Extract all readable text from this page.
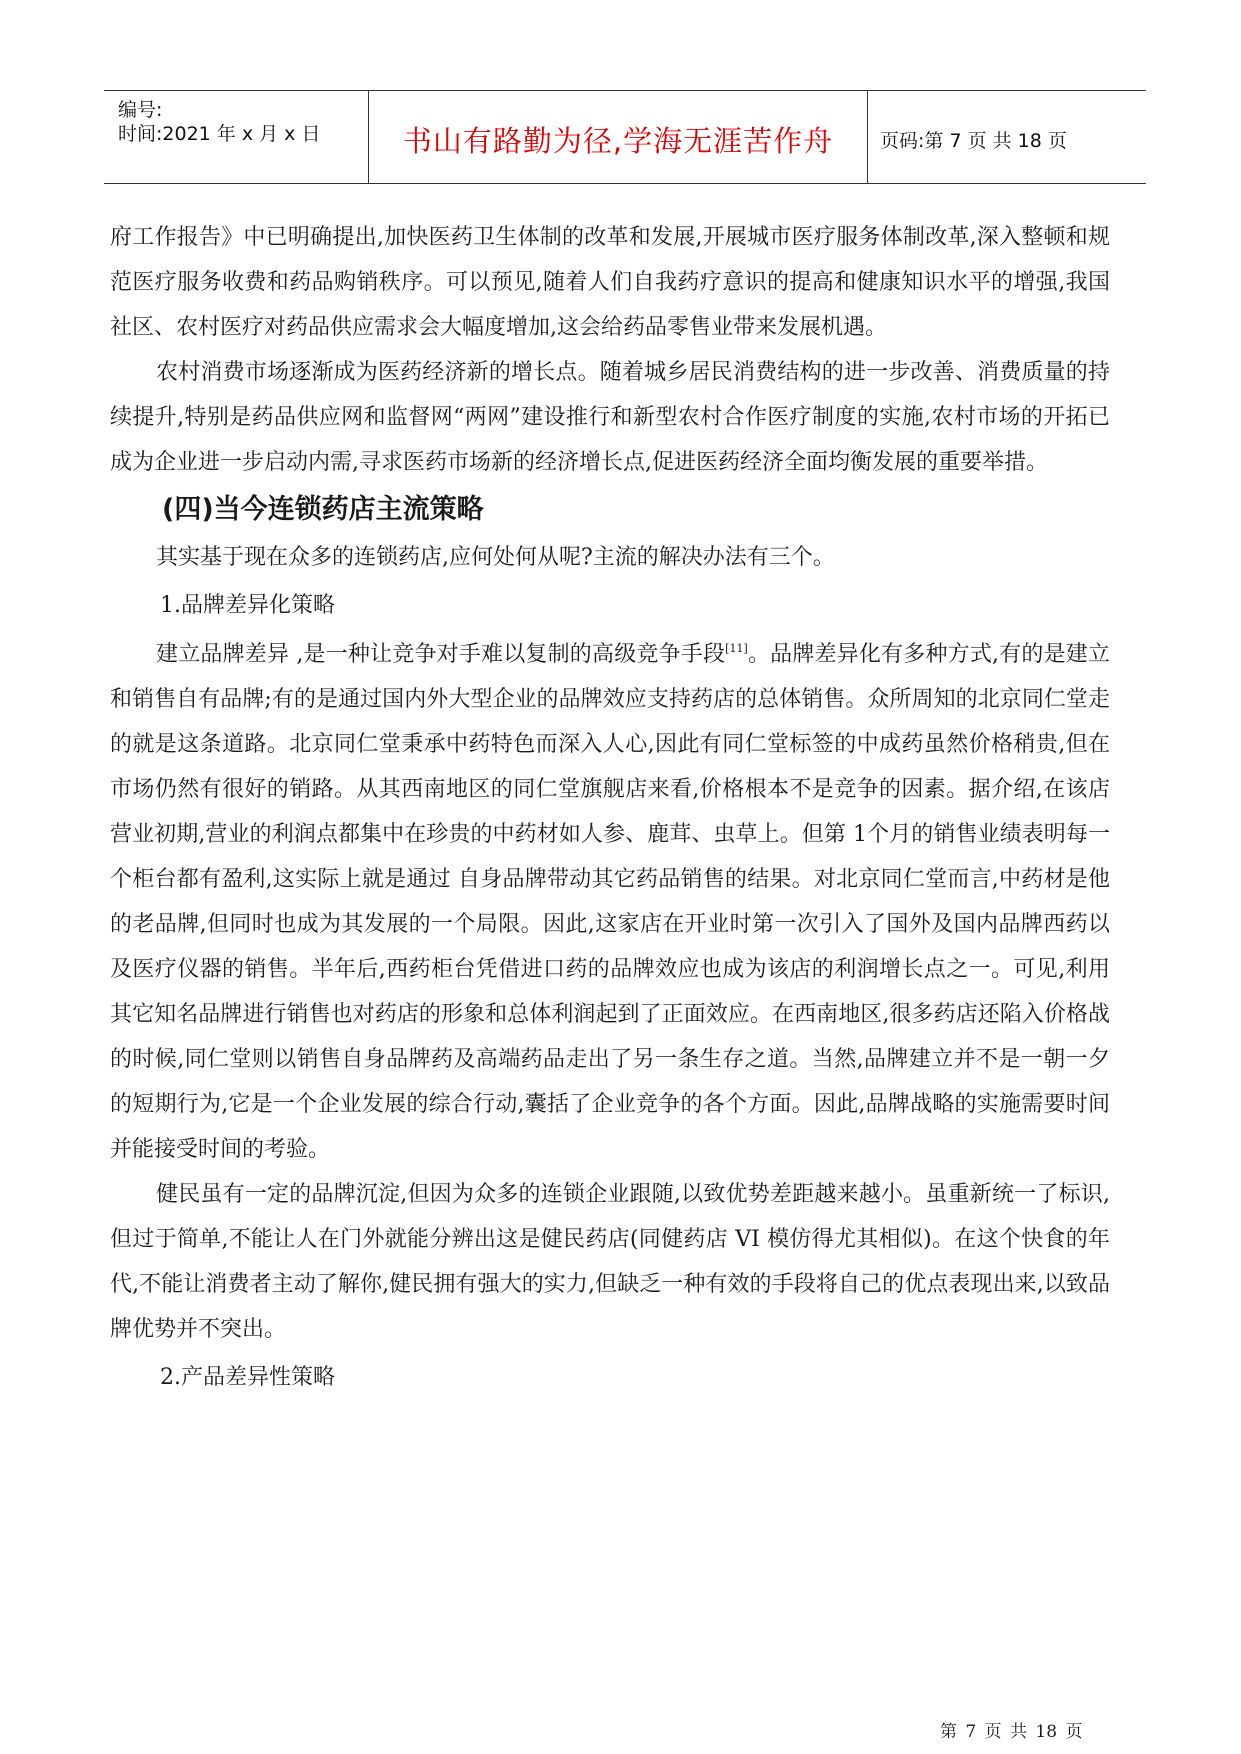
编号:
时间:2021 年 x 月 x 日	书山有路勤为径,学海无涯苦作舟	页码:第 7 页 共 18 页

府工作报告》中已明确提出,加快医药卫生体制的改革和发展,开展城市医疗服务体制改革,深入整顿和规范医疗服务收费和药品购销秩序。可以预见,随着人们自我药疗意识的提高和健康知识水平的增强,我国社区、农村医疗对药品供应需求会大幅度增加,这会给药品零售业带来发展机遇。

农村消费市场逐渐成为医药经济新的增长点。随着城乡居民消费结构的进一步改善、消费质量的持续提升,特别是药品供应网和监督网“两网”建设推行和新型农村合作医疗制度的实施,农村市场的开拓已成为企业进一步启动内需,寻求医药市场新的经济增长点,促进医药经济全面均衡发展的重要举措。

(四)当今连锁药店主流策略

其实基于现在众多的连锁药店,应何处何从呢?主流的解决办法有三个。

1.品牌差异化策略

建立品牌差异 ,是一种让竞争对手难以复制的高级竞争手段[11]。品牌差异化有多种方式,有的是建立和销售自有品牌;有的是通过国内外大型企业的品牌效应支持药店的总体销售。众所周知的北京同仁堂走的就是这条道路。北京同仁堂秉承中药特色而深入人心,因此有同仁堂标签的中成药虽然价格稍贵,但在市场仍然有很好的销路。从其西南地区的同仁堂旗舰店来看,价格根本不是竞争的因素。据介绍,在该店营业初期,营业的利润点都集中在珍贵的中药材如人参、鹿茸、虫草上。但第 1个月的销售业绩表明每一个柜台都有盈利,这实际上就是通过 自身品牌带动其它药品销售的结果。对北京同仁堂而言,中药材是他的老品牌,但同时也成为其发展的一个局限。因此,这家店在开业时第一次引入了国外及国内品牌西药以及医疗仪器的销售。半年后,西药柜台凭借进口药的品牌效应也成为该店的利润增长点之一。可见,利用其它知名品牌进行销售也对药店的形象和总体利润起到了正面效应。在西南地区,很多药店还陷入价格战的时候,同仁堂则以销售自身品牌药及高端药品走出了另一条生存之道。当然,品牌建立并不是一朝一夕的短期行为,它是一个企业发展的综合行动,囊括了企业竞争的各个方面。因此,品牌战略的实施需要时间并能接受时间的考验。

健民虽有一定的品牌沉淀,但因为众多的连锁企业跟随,以致优势差距越来越小。虽重新统一了标识,但过于简单,不能让人在门外就能分辨出这是健民药店(同健药店 VI 模仿得尤其相似)。在这个快食的年代,不能让消费者主动了解你,健民拥有强大的实力,但缺乏一种有效的手段将自己的优点表现出来,以致品牌优势并不突出。

2.产品差异性策略

第 7 页 共 18 页
